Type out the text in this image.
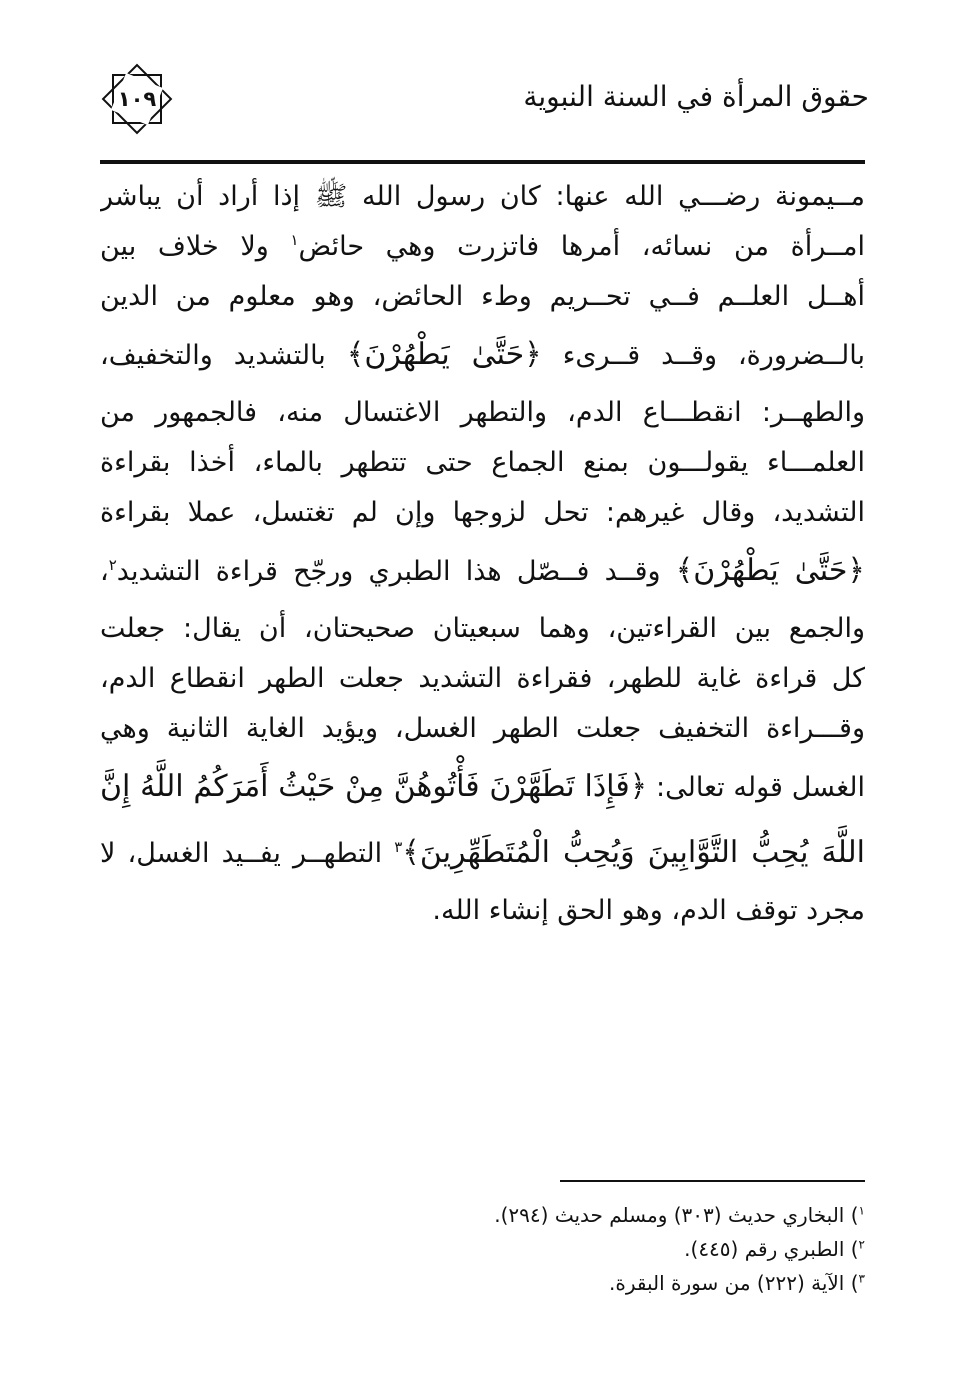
١٠٩	حقوق المرأة في السنة النبوية
مــيمونة رضـــي الله عنها: كان رسول الله ﷺ إذا أراد أن يباشر
امــرأة من نسائه، أمرها فاتزرت وهي حائض$^١$ ولا خلاف بين
أهــل العلــم فــي تحــريم وطء الحائض، وهو معلوم من الدين
بالــضرورة، وقــد قــرىء ﴿حَتَّىٰ يَطْهُرْنَ﴾ بالتشديد والتخفيف،
والطهــر: انقطـــاع الدم، والتطهر الاغتسال منه، فالجمهور من
العلمـــاء يقولـــون بمنع الجماع حتى تتطهر بالماء، أخذا بقراءة
التشديد، وقال غيرهم: تحل لزوجها وإن لم تغتسل، عملا بقراءة
﴿حَتَّىٰ يَطْهُرْنَ﴾ وقــد فــصّل هذا الطبري ورجّح قراءة التشديد$^٢$،
والجمع بين القراءتين، وهما سبعيتان صحيحتان، أن يقال: جعلت
كل قراءة غاية للطهر، فقراءة التشديد جعلت الطهر انقطاع الدم،
وقـــراءة التخفيف جعلت الطهر الغسل، ويؤيد الغاية الثانية وهي
الغسل قوله تعالى: ﴿فَإِذَا تَطَهَّرْنَ فَأْتُوهُنَّ مِنْ حَيْثُ أَمَرَكُمُ اللَّهُ إِنَّ
اللَّهَ يُحِبُّ التَّوَّابِينَ وَيُحِبُّ الْمُتَطَهِّرِينَ﴾$^٣$ التطهــر يفــيد الغسل، لا
مجرد توقف الدم، وهو الحق إنشاء الله.
$^١$) البخاري حديث (٣٠٣) ومسلم حديث (٢٩٤).
$^٢$) الطبري رقم (٤٤٥).
$^٣$) الآية (٢٢٢) من سورة البقرة.
